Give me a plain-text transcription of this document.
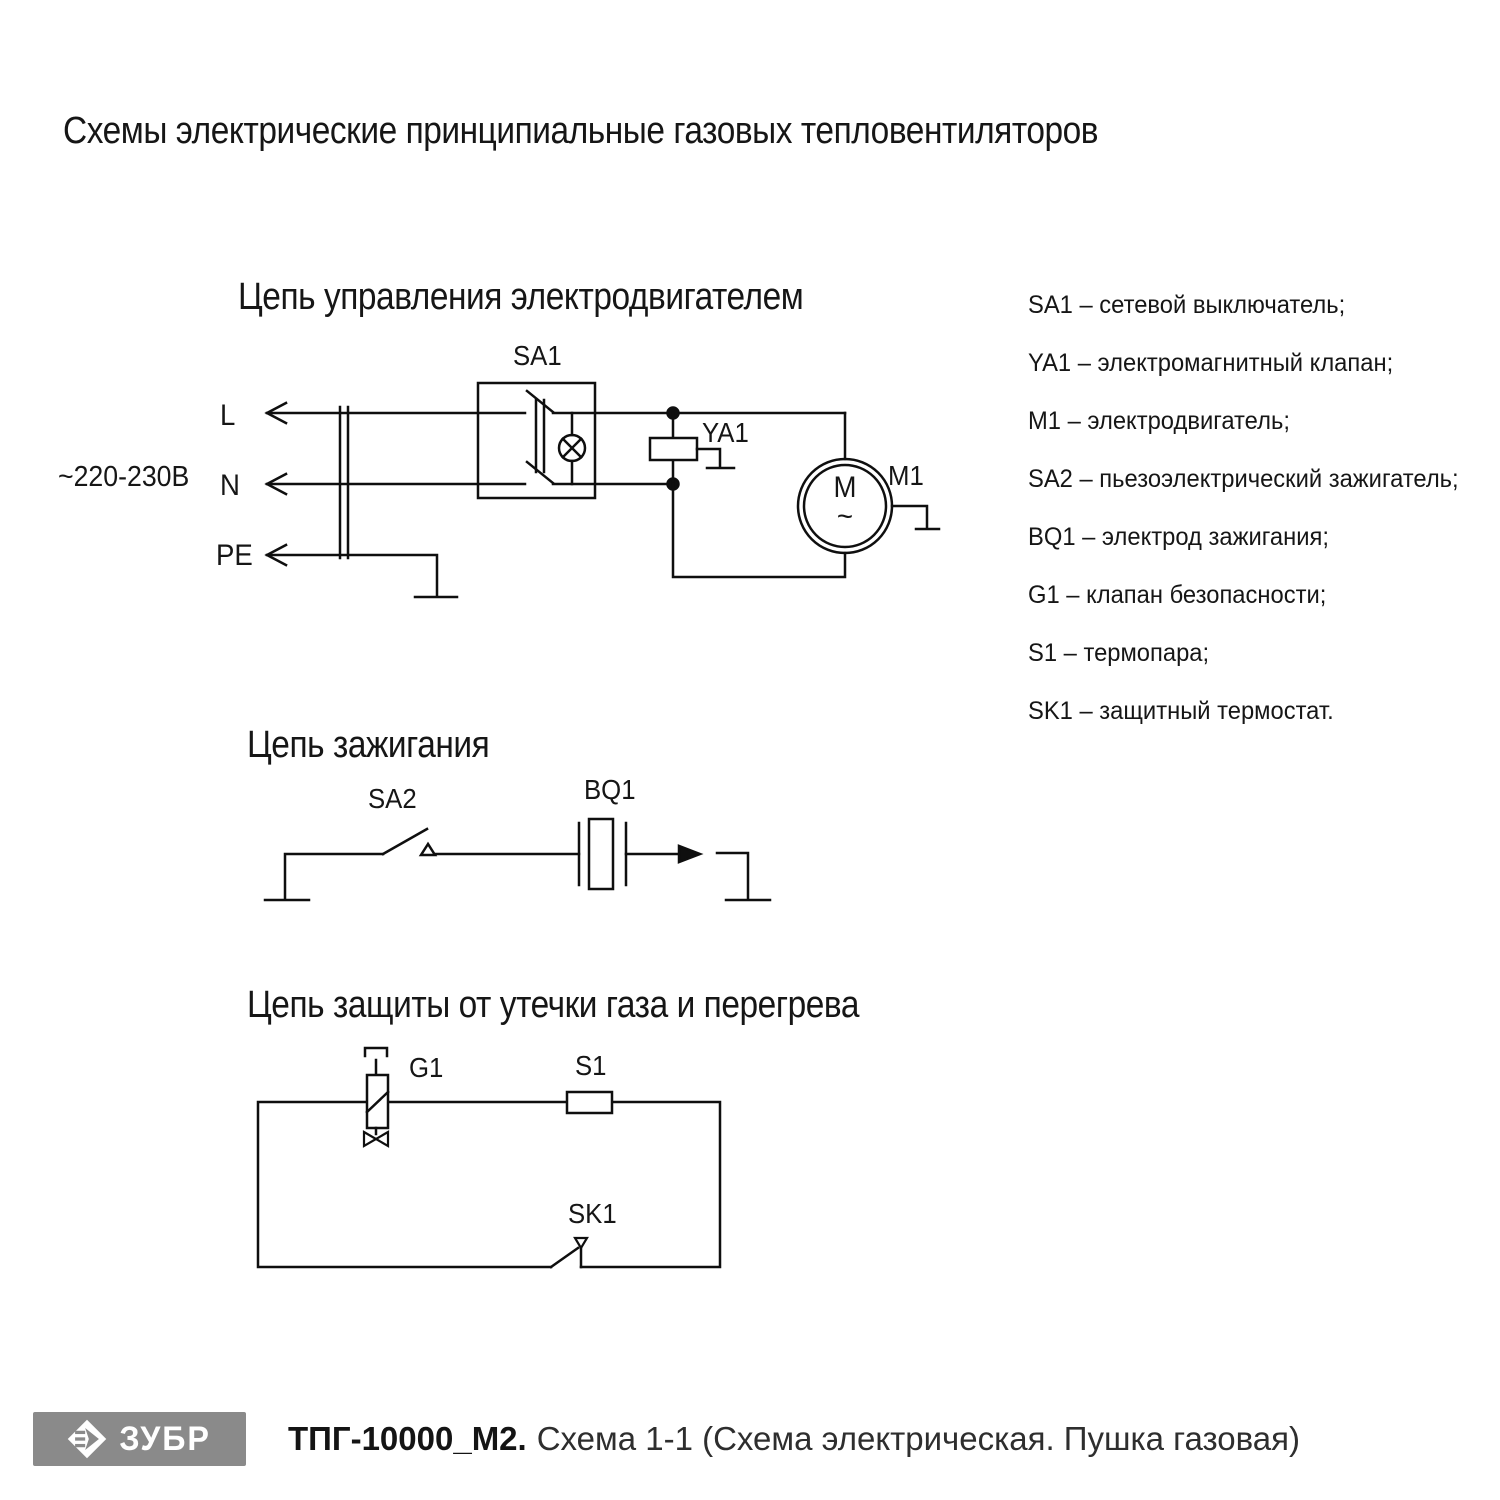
Схемы электрические принципиальные газовых тепловентиляторов
Цепь управления электродвигателем
~220-230В
L
N
PE
SA1
YA1
M1
M
~
SA1 – сетевой выключатель;
YA1 – электромагнитный клапан;
M1 – электродвигатель;
SA2 – пьезоэлектрический зажигатель;
BQ1 – электрод зажигания;
G1 – клапан безопасности;
S1 – термопара;
SK1 – защитный термостат.
Цепь зажигания
SA2	BQ1
Цепь защиты от утечки газа и перегрева
G1	S1
SK1
ЗУБР ТПГ-10000_М2. Схема 1-1 (Схема электрическая. Пушка газовая)
